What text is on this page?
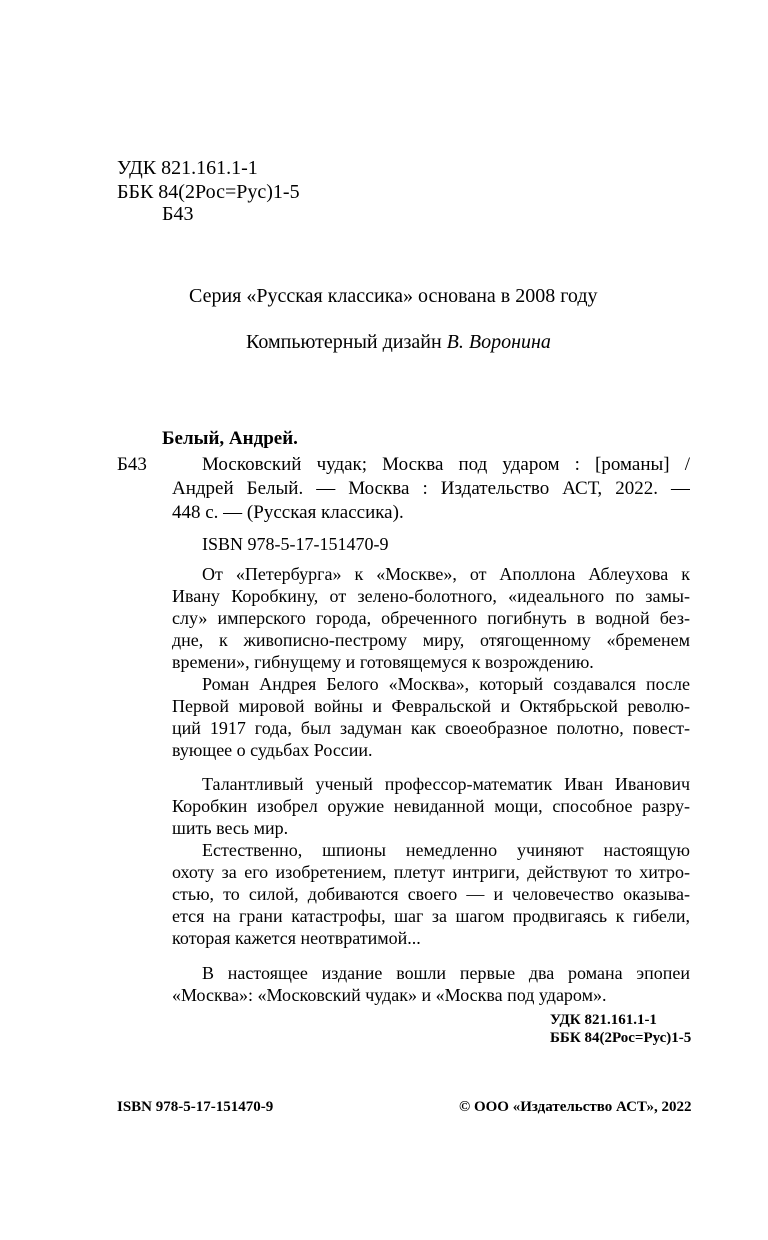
УДК 821.161.1-1
ББК 84(2Рос=Рус)1-5
Б43
Серия «Русская классика» основана в 2008 году
Компьютерный дизайн В. Воронина
Белый, Андрей.
Б43	Московский чудак; Москва под ударом : [романы] /
Андрей Белый. — Москва : Издательство АСТ, 2022. —
448 с. — (Русская классика).
ISBN 978-5-17-151470-9
От «Петербурга» к «Москве», от Аполлона Аблеухова к
Ивану Коробкину, от зелено-болотного, «идеального по замы-
слу» имперского города, обреченного погибнуть в водной без-
дне, к живописно-пестрому миру, отягощенному «бременем
времени», гибнущему и готовящемуся к возрождению.
Роман Андрея Белого «Москва», который создавался после
Первой мировой войны и Февральской и Октябрьской револю-
ций 1917 года, был задуман как своеобразное полотно, повест-
вующее о судьбах России.
Талантливый ученый профессор-математик Иван Иванович
Коробкин изобрел оружие невиданной мощи, способное разру-
шить весь мир.
Естественно, шпионы немедленно учиняют настоящую
охоту за его изобретением, плетут интриги, действуют то хитро-
стью, то силой, добиваются своего — и человечество оказыва-
ется на грани катастрофы, шаг за шагом продвигаясь к гибели,
которая кажется неотвратимой...
В настоящее издание вошли первые два романа эпопеи
«Москва»: «Московский чудак» и «Москва под ударом».
УДК 821.161.1-1
ББК 84(2Рос=Рус)1-5
ISBN 978-5-17-151470-9	© ООО «Издательство АСТ», 2022
